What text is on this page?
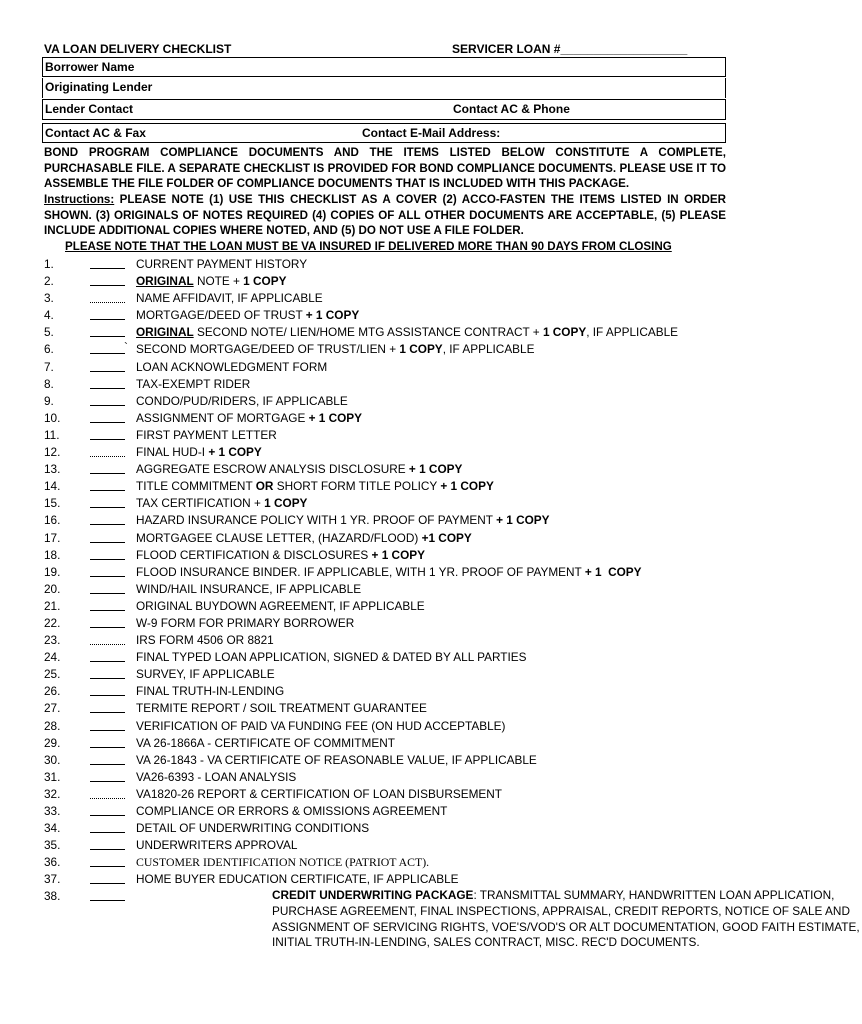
VA LOAN DELIVERY CHECKLIST	SERVICER LOAN #___________________
Borrower Name
Originating Lender
Lender Contact	Contact AC & Phone
Contact AC & Fax	Contact E-Mail Address:
BOND PROGRAM COMPLIANCE DOCUMENTS AND THE ITEMS LISTED BELOW CONSTITUTE A COMPLETE, PURCHASABLE FILE. A SEPARATE CHECKLIST IS PROVIDED FOR BOND COMPLIANCE DOCUMENTS. PLEASE USE IT TO ASSEMBLE THE FILE FOLDER OF COMPLIANCE DOCUMENTS THAT IS INCLUDED WITH THIS PACKAGE.
Instructions: PLEASE NOTE (1) USE THIS CHECKLIST AS A COVER (2) ACCO-FASTEN THE ITEMS LISTED IN ORDER SHOWN. (3) ORIGINALS OF NOTES REQUIRED (4) COPIES OF ALL OTHER DOCUMENTS ARE ACCEPTABLE, (5) PLEASE INCLUDE ADDITIONAL COPIES WHERE NOTED, AND (5) DO NOT USE A FILE FOLDER.
PLEASE NOTE THAT THE LOAN MUST BE VA INSURED IF DELIVERED MORE THAN 90 DAYS FROM CLOSING
1.	CURRENT PAYMENT HISTORY
2.	ORIGINAL NOTE + 1 COPY
3.	NAME AFFIDAVIT, IF APPLICABLE
4.	MORTGAGE/DEED OF TRUST + 1 COPY
5.	ORIGINAL SECOND NOTE/ LIEN/HOME MTG ASSISTANCE CONTRACT + 1 COPY, IF APPLICABLE
6.	` SECOND MORTGAGE/DEED OF TRUST/LIEN + 1 COPY, IF APPLICABLE
7.	LOAN ACKNOWLEDGMENT FORM
8.	TAX-EXEMPT RIDER
9.	CONDO/PUD/RIDERS, IF APPLICABLE
10.	ASSIGNMENT OF MORTGAGE + 1 COPY
11.	FIRST PAYMENT LETTER
12.	FINAL HUD-I + 1 COPY
13.	AGGREGATE ESCROW ANALYSIS DISCLOSURE + 1 COPY
14.	TITLE COMMITMENT OR SHORT FORM TITLE POLICY + 1 COPY
15.	TAX CERTIFICATION + 1 COPY
16.	HAZARD INSURANCE POLICY WITH 1 YR. PROOF OF PAYMENT + 1 COPY
17.	MORTGAGEE CLAUSE LETTER, (HAZARD/FLOOD) +1 COPY
18.	FLOOD CERTIFICATION & DISCLOSURES + 1 COPY
19.	FLOOD INSURANCE BINDER. IF APPLICABLE, WITH 1 YR. PROOF OF PAYMENT + 1  COPY
20.	WIND/HAIL INSURANCE, IF APPLICABLE
21.	ORIGINAL BUYDOWN AGREEMENT, IF APPLICABLE
22.	W-9 FORM FOR PRIMARY BORROWER
23.	IRS FORM 4506 OR 8821
24.	FINAL TYPED LOAN APPLICATION, SIGNED & DATED BY ALL PARTIES
25.	SURVEY, IF APPLICABLE
26.	FINAL TRUTH-IN-LENDING
27.	TERMITE REPORT / SOIL TREATMENT GUARANTEE
28.	VERIFICATION OF PAID VA FUNDING FEE (ON HUD ACCEPTABLE)
29.	VA 26-1866A - CERTIFICATE OF COMMITMENT
30.	VA 26-1843 - VA CERTIFICATE OF REASONABLE VALUE, IF APPLICABLE
31.	VA26-6393 - LOAN ANALYSIS
32.	VA1820-26 REPORT & CERTIFICATION OF LOAN DISBURSEMENT
33.	COMPLIANCE OR ERRORS & OMISSIONS AGREEMENT
34.	DETAIL OF UNDERWRITING CONDITIONS
35.	UNDERWRITERS APPROVAL
36.	CUSTOMER IDENTIFICATION NOTICE (PATRIOT ACT).
37.	HOME BUYER EDUCATION CERTIFICATE, IF APPLICABLE
38.	CREDIT UNDERWRITING PACKAGE: TRANSMITTAL SUMMARY, HANDWRITTEN LOAN APPLICATION, PURCHASE AGREEMENT, FINAL INSPECTIONS, APPRAISAL, CREDIT REPORTS, NOTICE OF SALE AND ASSIGNMENT OF SERVICING RIGHTS, VOE'S/VOD'S OR ALT DOCUMENTATION, GOOD FAITH ESTIMATE, INITIAL TRUTH-IN-LENDING, SALES CONTRACT, MISC. REC'D DOCUMENTS.
